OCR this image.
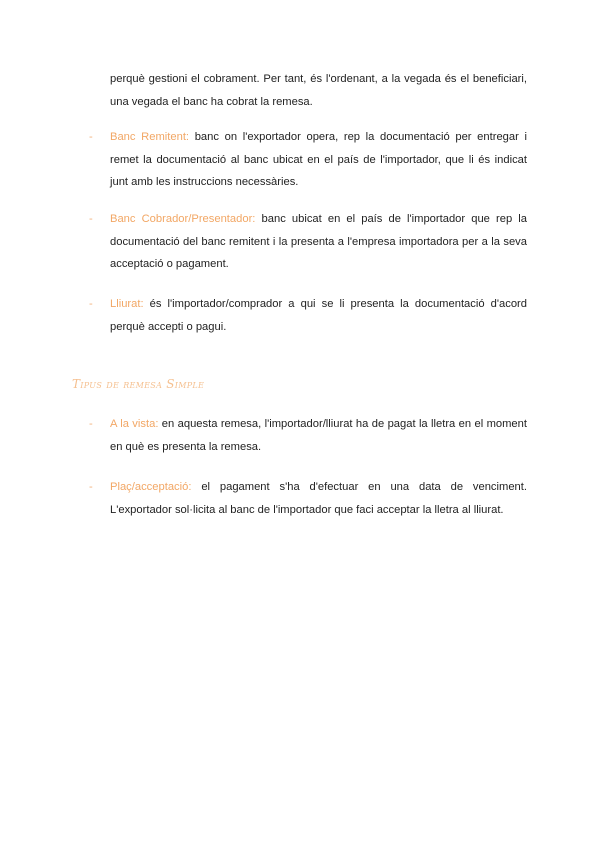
perquè gestioni el cobrament. Per tant, és l'ordenant, a la vegada és el beneficiari, una vegada el banc ha cobrat la remesa.
- Banc Remitent: banc on l'exportador opera, rep la documentació per entregar i remet la documentació al banc ubicat en el país de l'importador, que li és indicat junt amb les instruccions necessàries.
- Banc Cobrador/Presentador: banc ubicat en el país de l'importador que rep la documentació del banc remitent i la presenta a l'empresa importadora per a la seva acceptació o pagament.
- Lliurat: és l'importador/comprador a qui se li presenta la documentació d'acord perquè accepti o pagui.
Tipus de remesa Simple
- A la vista: en aquesta remesa, l'importador/lliurat ha de pagat la lletra en el moment en què es presenta la remesa.
- Plaç/acceptació: el pagament s'ha d'efectuar en una data de venciment. L'exportador sol·licita al banc de l'importador que faci acceptar la lletra al lliurat.
